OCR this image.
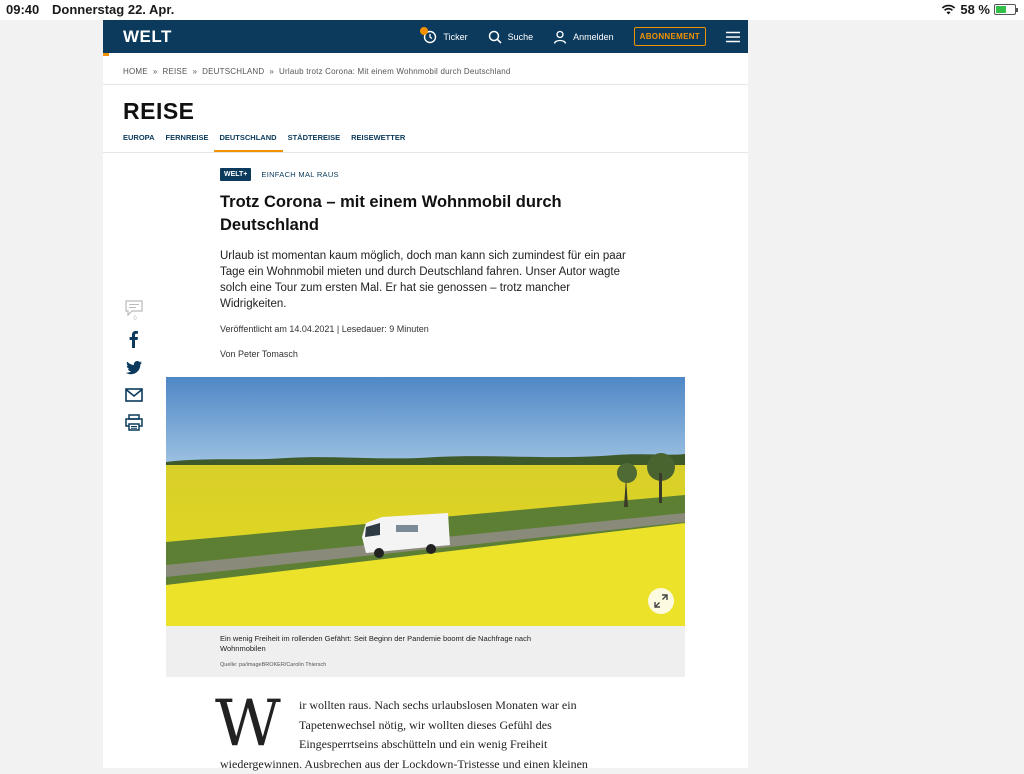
09:40 Donnerstag 22. Apr.	58 %
WELT	Ticker	Suche	Anmelden	ABONNEMENT
HOME » REISE » DEUTSCHLAND » Urlaub trotz Corona: Mit einem Wohnmobil durch Deutschland
REISE
EUROPA FERNREISE	DEUTSCHLAND	STÄDTEREISE REISEWETTER
WELT+	EINFACH MAL RAUS
Trotz Corona – mit einem Wohnmobil durch
Deutschland
Urlaub ist momentan kaum möglich, doch man kann sich zumindest für ein paar
Tage ein Wohnmobil mieten und durch Deutschland fahren. Unser Autor wagte
solch eine Tour zum ersten Mal. Er hat sie genossen – trotz mancher
Widrigkeiten.
Veröffentlicht am 14.04.2021 | Lesedauer: 9 Minuten
Von Peter Tomasch
0
Ein wenig Freiheit im rollenden Gefährt: Seit Beginn der Pandemie boomt die Nachfrage nach
Wohnmobilen
Quelle: pa/imageBROKER/Carolin Thiersch
W	ir wollten raus. Nach sechs urlaubslosen Monaten war ein
Tapetenwechsel nötig, wir wollten dieses Gefühl des
Eingesperrtseins abschütteln und ein wenig Freiheit
wiedergewinnen. Ausbrechen aus der Lockdown-Tristesse und einen kleinen
